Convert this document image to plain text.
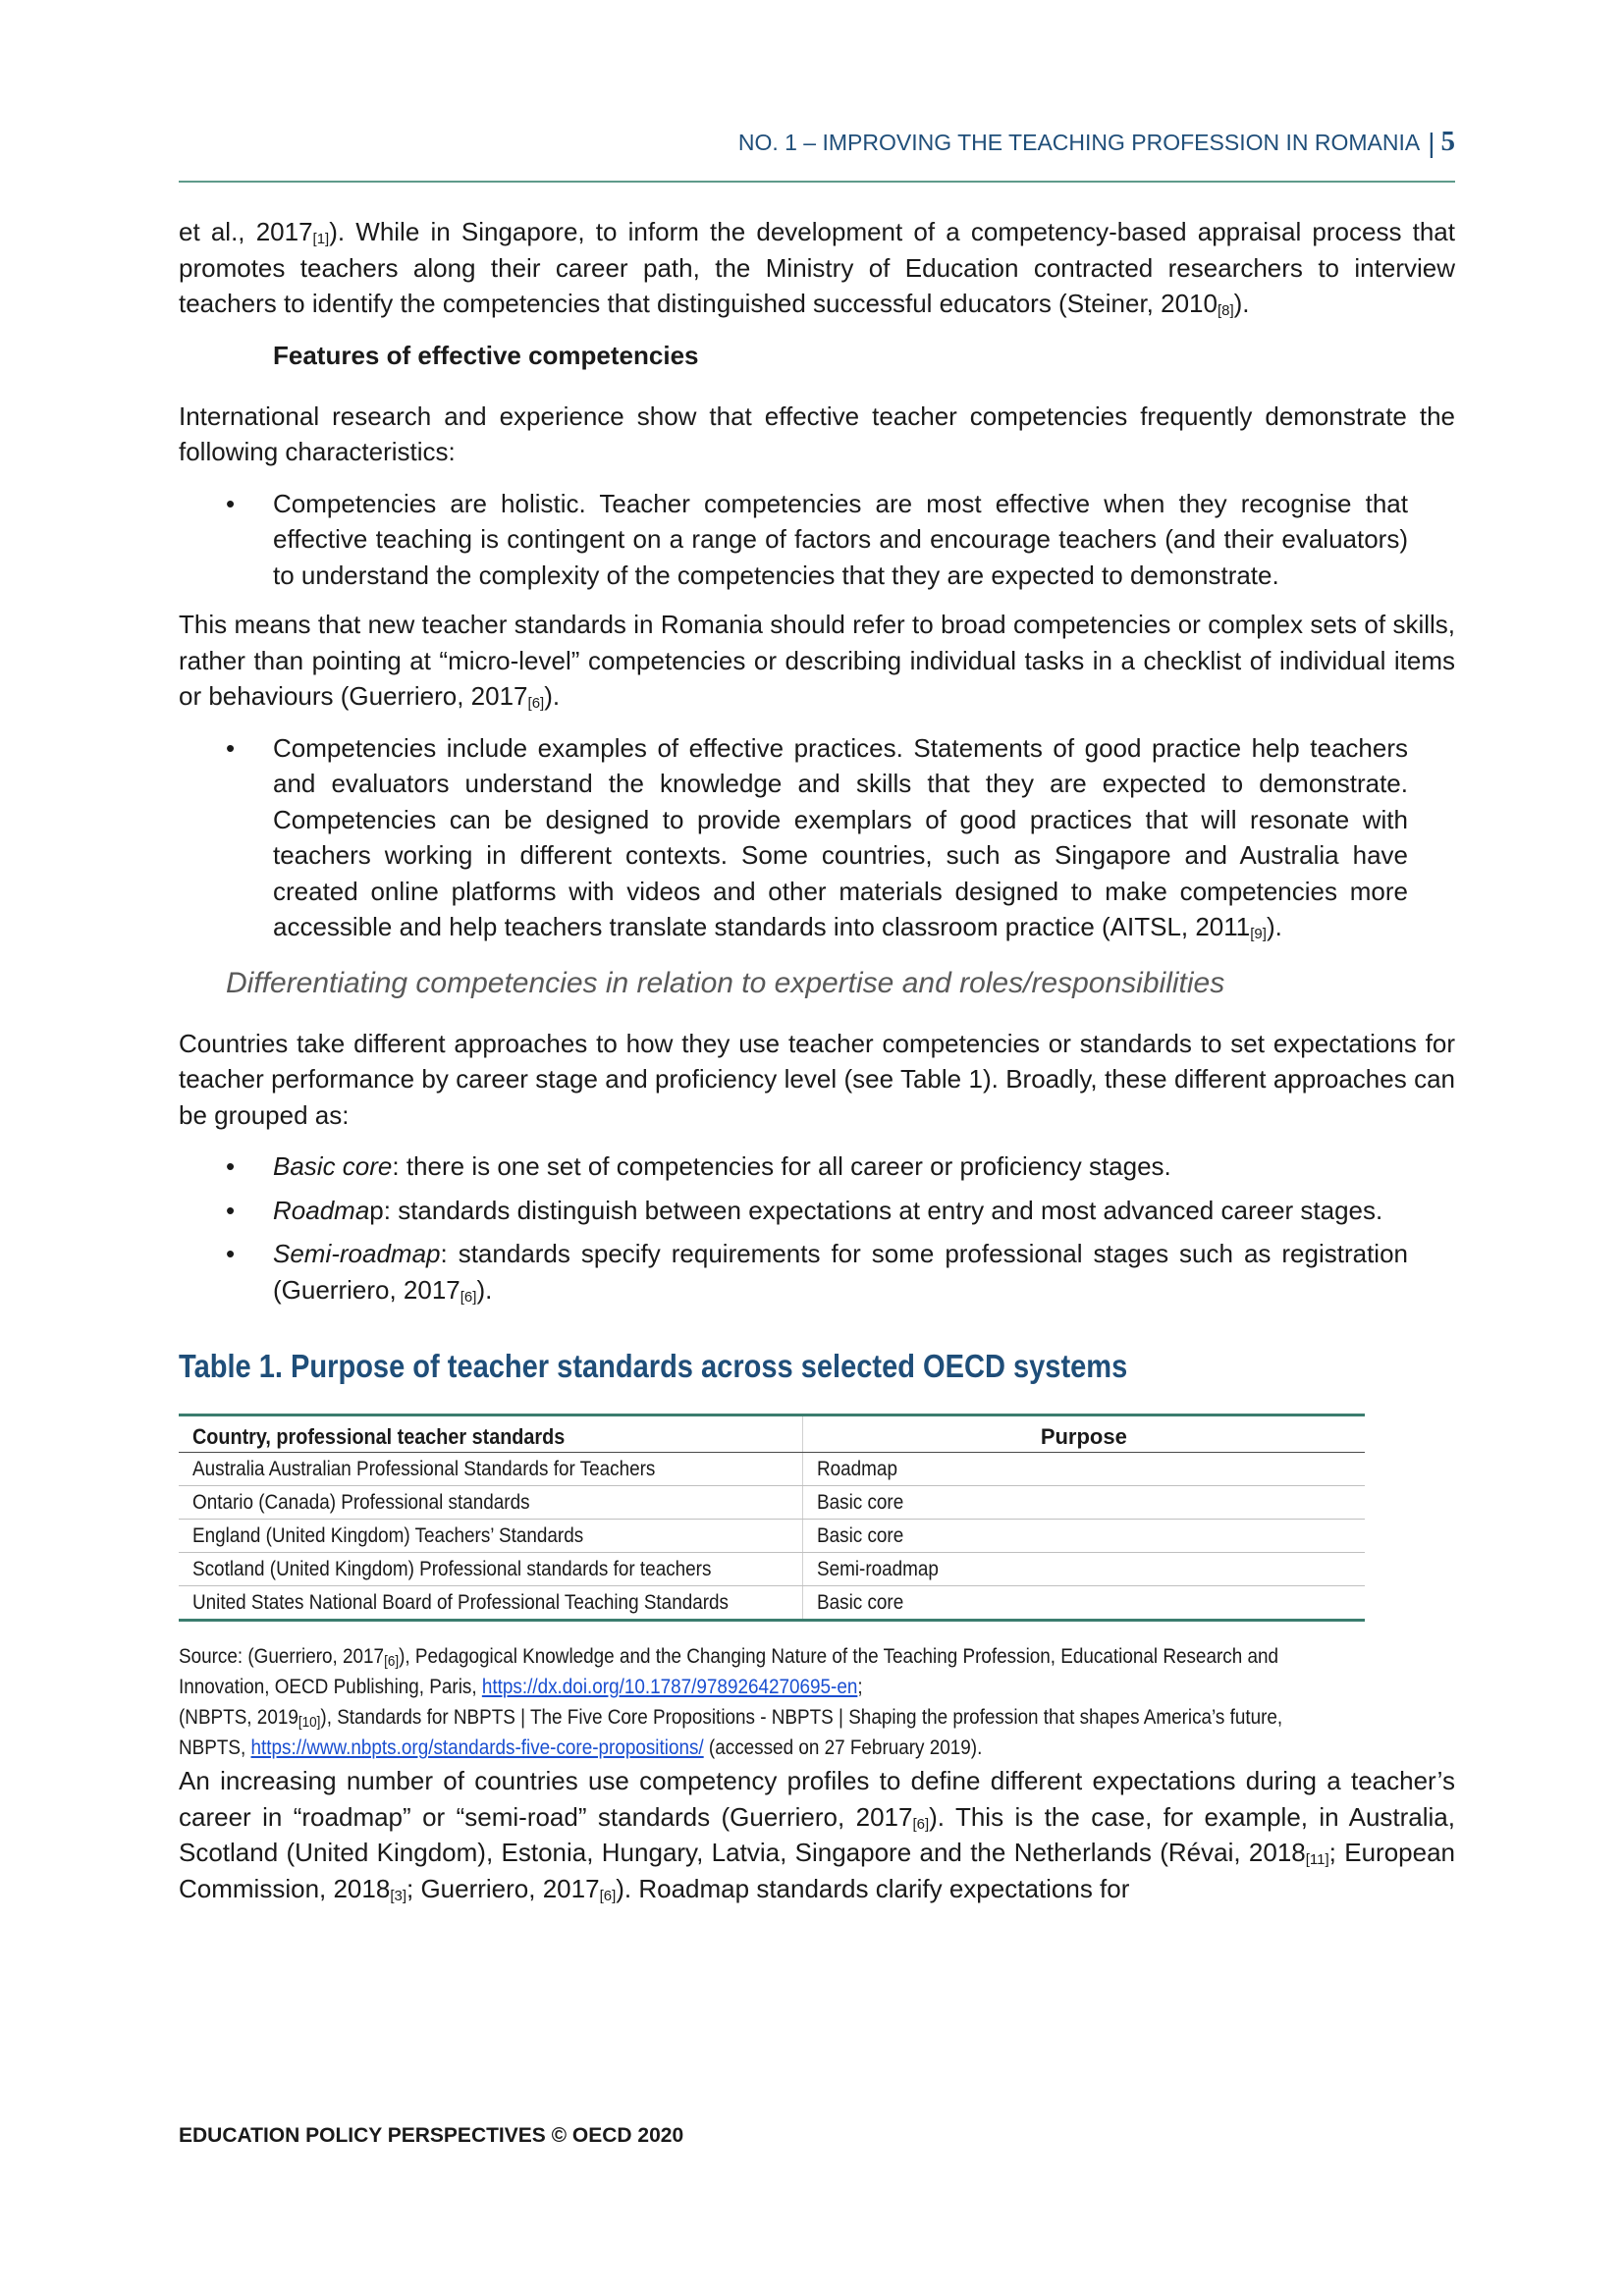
NO. 1 – IMPROVING THE TEACHING PROFESSION IN ROMANIA | 5

et al., $2017_{[1]}$). While in Singapore, to inform the development of a competency-based appraisal process that promotes teachers along their career path, the Ministry of Education contracted researchers to interview teachers to identify the competencies that distinguished successful educators (Steiner, $2010_{[8]}$).

Features of effective competencies

International research and experience show that effective teacher competencies frequently demonstrate the following characteristics:

• Competencies are holistic. Teacher competencies are most effective when they recognise that effective teaching is contingent on a range of factors and encourage teachers (and their evaluators) to understand the complexity of the competencies that they are expected to demonstrate.

This means that new teacher standards in Romania should refer to broad competencies or complex sets of skills, rather than pointing at “micro-level” competencies or describing individual tasks in a checklist of individual items or behaviours (Guerriero, $2017_{[6]}$).

• Competencies include examples of effective practices. Statements of good practice help teachers and evaluators understand the knowledge and skills that they are expected to demonstrate. Competencies can be designed to provide exemplars of good practices that will resonate with teachers working in different contexts. Some countries, such as Singapore and Australia have created online platforms with videos and other materials designed to make competencies more accessible and help teachers translate standards into classroom practice (AITSL, $2011_{[9]}$).
Differentiating competencies in relation to expertise and roles/responsibilities

Countries take different approaches to how they use teacher competencies or standards to set expectations for teacher performance by career stage and proficiency level (see Table 1). Broadly, these different approaches can be grouped as:

• Basic core: there is one set of competencies for all career or proficiency stages.
• Roadmap: standards distinguish between expectations at entry and most advanced career stages.
• Semi-roadmap: standards specify requirements for some professional stages such as registration (Guerriero, $2017_{[6]}$).
Table 1. Purpose of teacher standards across selected OECD systems
Country, professional teacher standards	Purpose
Australia Australian Professional Standards for Teachers	Roadmap
Ontario (Canada) Professional standards	Basic core
England (United Kingdom) Teachers’ Standards	Basic core
Scotland (United Kingdom) Professional standards for teachers	Semi-roadmap
United States National Board of Professional Teaching Standards	Basic core
Source: (Guerriero, $2017_{[6]}$), Pedagogical Knowledge and the Changing Nature of the Teaching Profession, Educational Research and
Innovation, OECD Publishing, Paris, https://dx.doi.org/10.1787/9789264270695-en;
(NBPTS, $2019_{[10]}$), Standards for NBPTS | The Five Core Propositions - NBPTS | Shaping the profession that shapes America’s future,
NBPTS, https://www.nbpts.org/standards-five-core-propositions/ (accessed on 27 February 2019).

An increasing number of countries use competency profiles to define different expectations during a teacher’s career in “roadmap” or “semi-road” standards (Guerriero, $2017_{[6]}$). This is the case, for example, in Australia, Scotland (United Kingdom), Estonia, Hungary, Latvia, Singapore and the Netherlands (Révai, $2018_{[11]}$; European Commission, $2018_{[3]}$; Guerriero, $2017_{[6]}$). Roadmap standards clarify expectations for

EDUCATION POLICY PERSPECTIVES © OECD 2020
